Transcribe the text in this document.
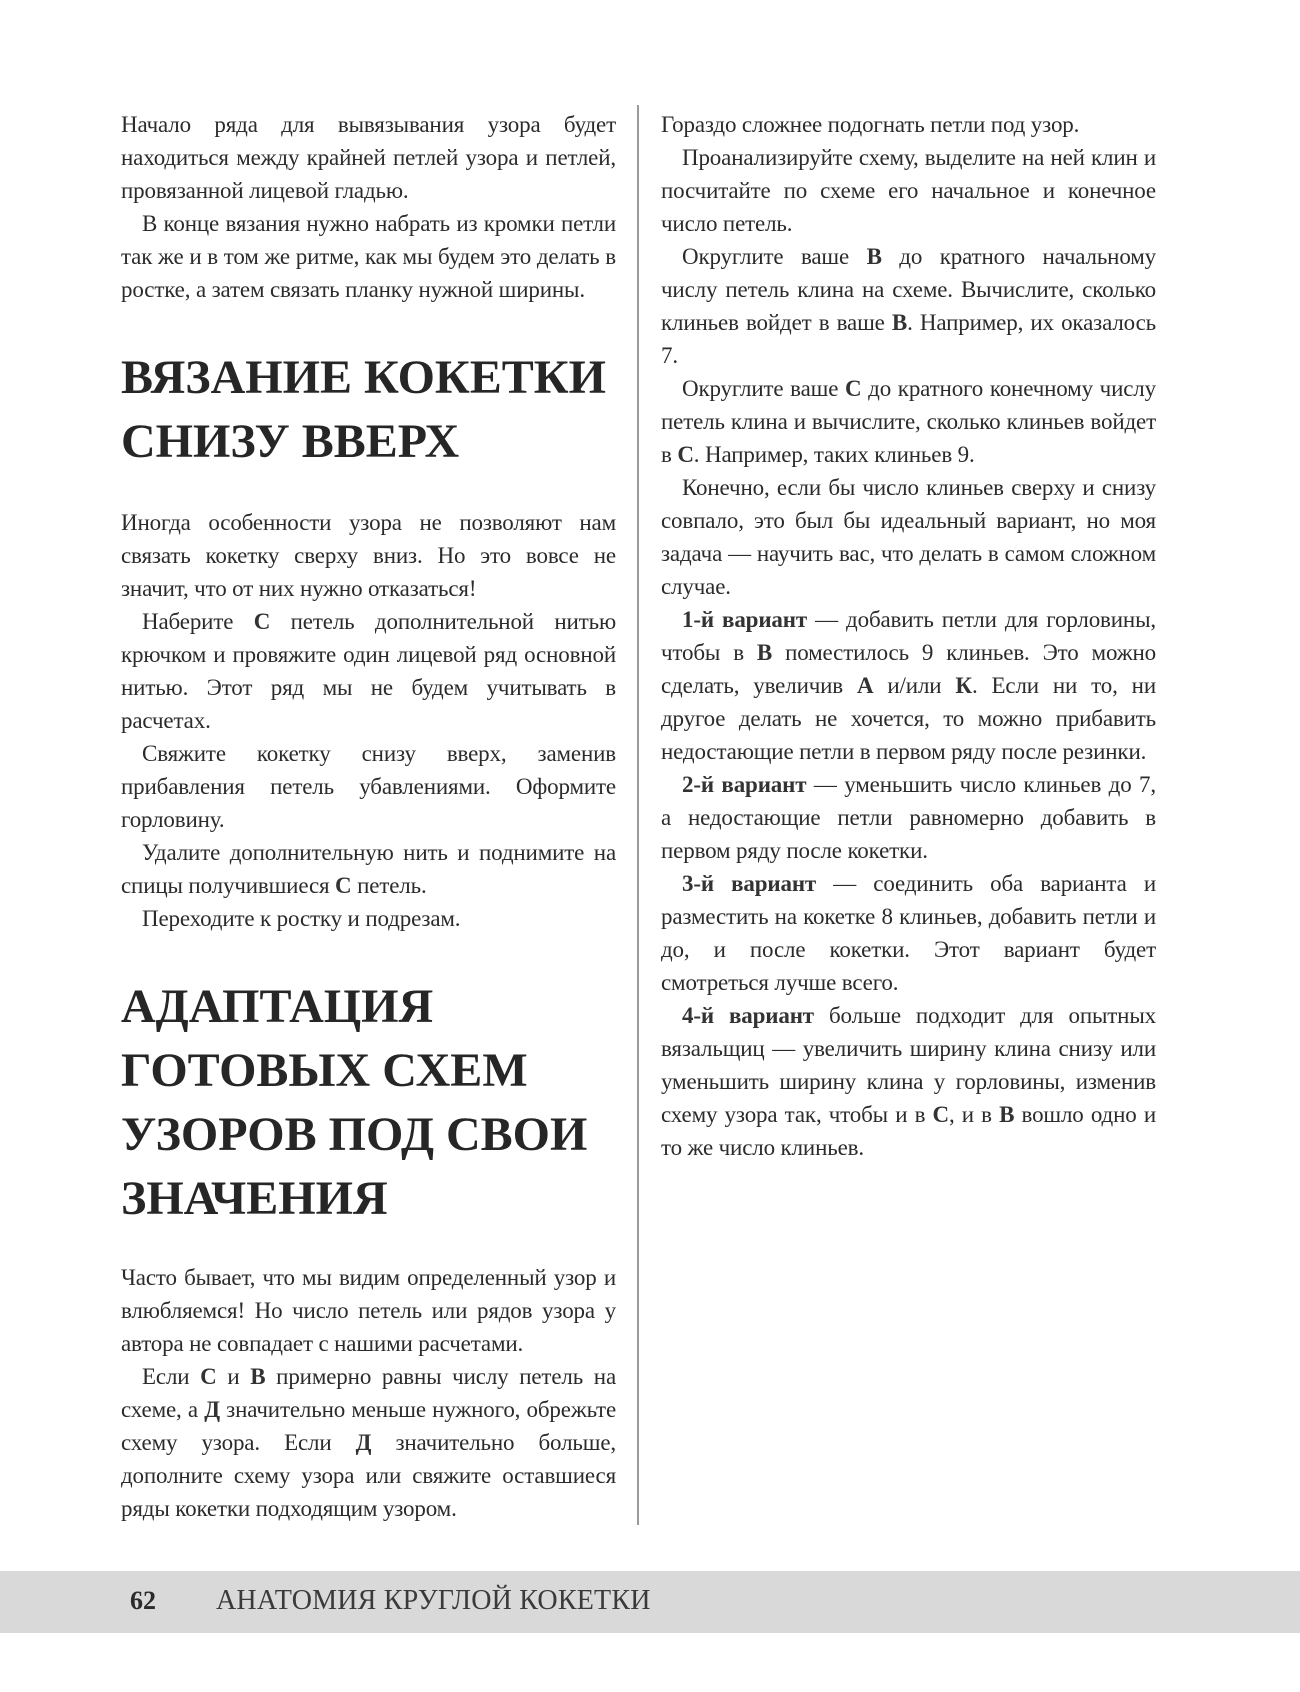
Начало ряда для вывязывания узора будет находиться между крайней петлей узора и петлей, провязанной лицевой гладью.

В конце вязания нужно набрать из кромки петли так же и в том же ритме, как мы будем это делать в ростке, а затем связать планку нужной ширины.

ВЯЗАНИЕ КОКЕТКИ
СНИЗУ ВВЕРХ

Иногда особенности узора не позволяют нам связать кокетку сверху вниз. Но это вовсе не значит, что от них нужно отказаться!

Наберите С петель дополнительной нитью крючком и провяжите один лицевой ряд основной нитью. Этот ряд мы не будем учитывать в расчетах.

Свяжите кокетку снизу вверх, заменив прибавления петель убавлениями. Оформите горловину.

Удалите дополнительную нить и поднимите на спицы получившиеся С петель.

Переходите к ростку и подрезам.

АДАПТАЦИЯ
ГОТОВЫХ СХЕМ
УЗОРОВ ПОД СВОИ
ЗНАЧЕНИЯ

Часто бывает, что мы видим определенный узор и влюбляемся! Но число петель или рядов узора у автора не совпадает с нашими расчетами.

Если С и В примерно равны числу петель на схеме, а Д значительно меньше нужного, обрежьте схему узора. Если Д значительно больше, дополните схему узора или свяжите оставшиеся ряды кокетки подходящим узором.

Гораздо сложнее подогнать петли под узор.

Проанализируйте схему, выделите на ней клин и посчитайте по схеме его начальное и конечное число петель.

Округлите ваше В до кратного начальному числу петель клина на схеме. Вычислите, сколько клиньев войдет в ваше В. Например, их оказалось 7.

Округлите ваше С до кратного конечному числу петель клина и вычислите, сколько клиньев войдет в С. Например, таких клиньев 9.

Конечно, если бы число клиньев сверху и снизу совпало, это был бы идеальный вариант, но моя задача — научить вас, что делать в самом сложном случае.

1-й вариант — добавить петли для горловины, чтобы в В поместилось 9 клиньев. Это можно сделать, увеличив А и/или К. Если ни то, ни другое делать не хочется, то можно прибавить недостающие петли в первом ряду после резинки.

2-й вариант — уменьшить число клиньев до 7, а недостающие петли равномерно добавить в первом ряду после кокетки.

3-й вариант — соединить оба варианта и разместить на кокетке 8 клиньев, добавить петли и до, и после кокетки. Этот вариант будет смотреться лучше всего.

4-й вариант больше подходит для опытных вязальщиц — увеличить ширину клина снизу или уменьшить ширину клина у горловины, изменив схему узора так, чтобы и в С, и в В вошло одно и то же число клиньев.

62 АНАТОМИЯ КРУГЛОЙ КОКЕТКИ
